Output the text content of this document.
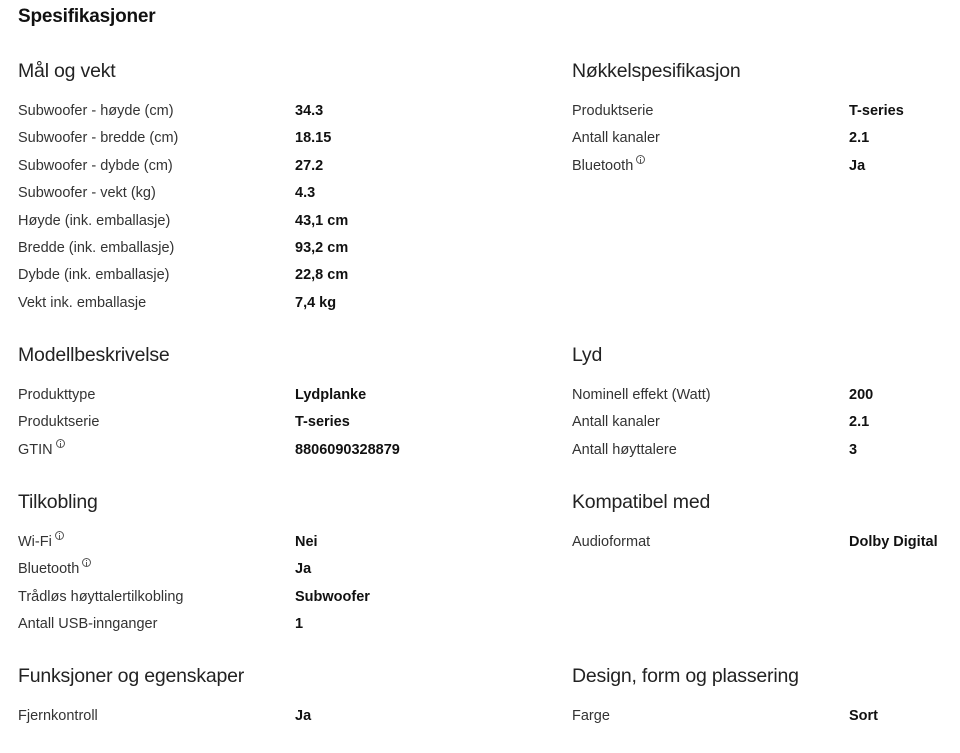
Spesifikasjoner
Mål og vekt
Subwoofer - høyde (cm)	34.3
Subwoofer - bredde (cm)	18.15
Subwoofer - dybde (cm)	27.2
Subwoofer - vekt (kg)	4.3
Høyde (ink. emballasje)	43,1 cm
Bredde (ink. emballasje)	93,2 cm
Dybde (ink. emballasje)	22,8 cm
Vekt ink. emballasje	7,4 kg
Nøkkelspesifikasjon
Produktserie	T-series
Antall kanaler	2.1
Bluetooth	Ja
Modellbeskrivelse
Produkttype	Lydplanke
Produktserie	T-series
GTIN	8806090328879
Lyd
Nominell effekt (Watt)	200
Antall kanaler	2.1
Antall høyttalere	3
Tilkobling
Wi-Fi	Nei
Bluetooth	Ja
Trådløs høyttalertilkobling	Subwoofer
Antall USB-innganger	1
Kompatibel med
Audioformat	Dolby Digital
Funksjoner og egenskaper
Fjernkontroll	Ja
Design, form og plassering
Farge	Sort
